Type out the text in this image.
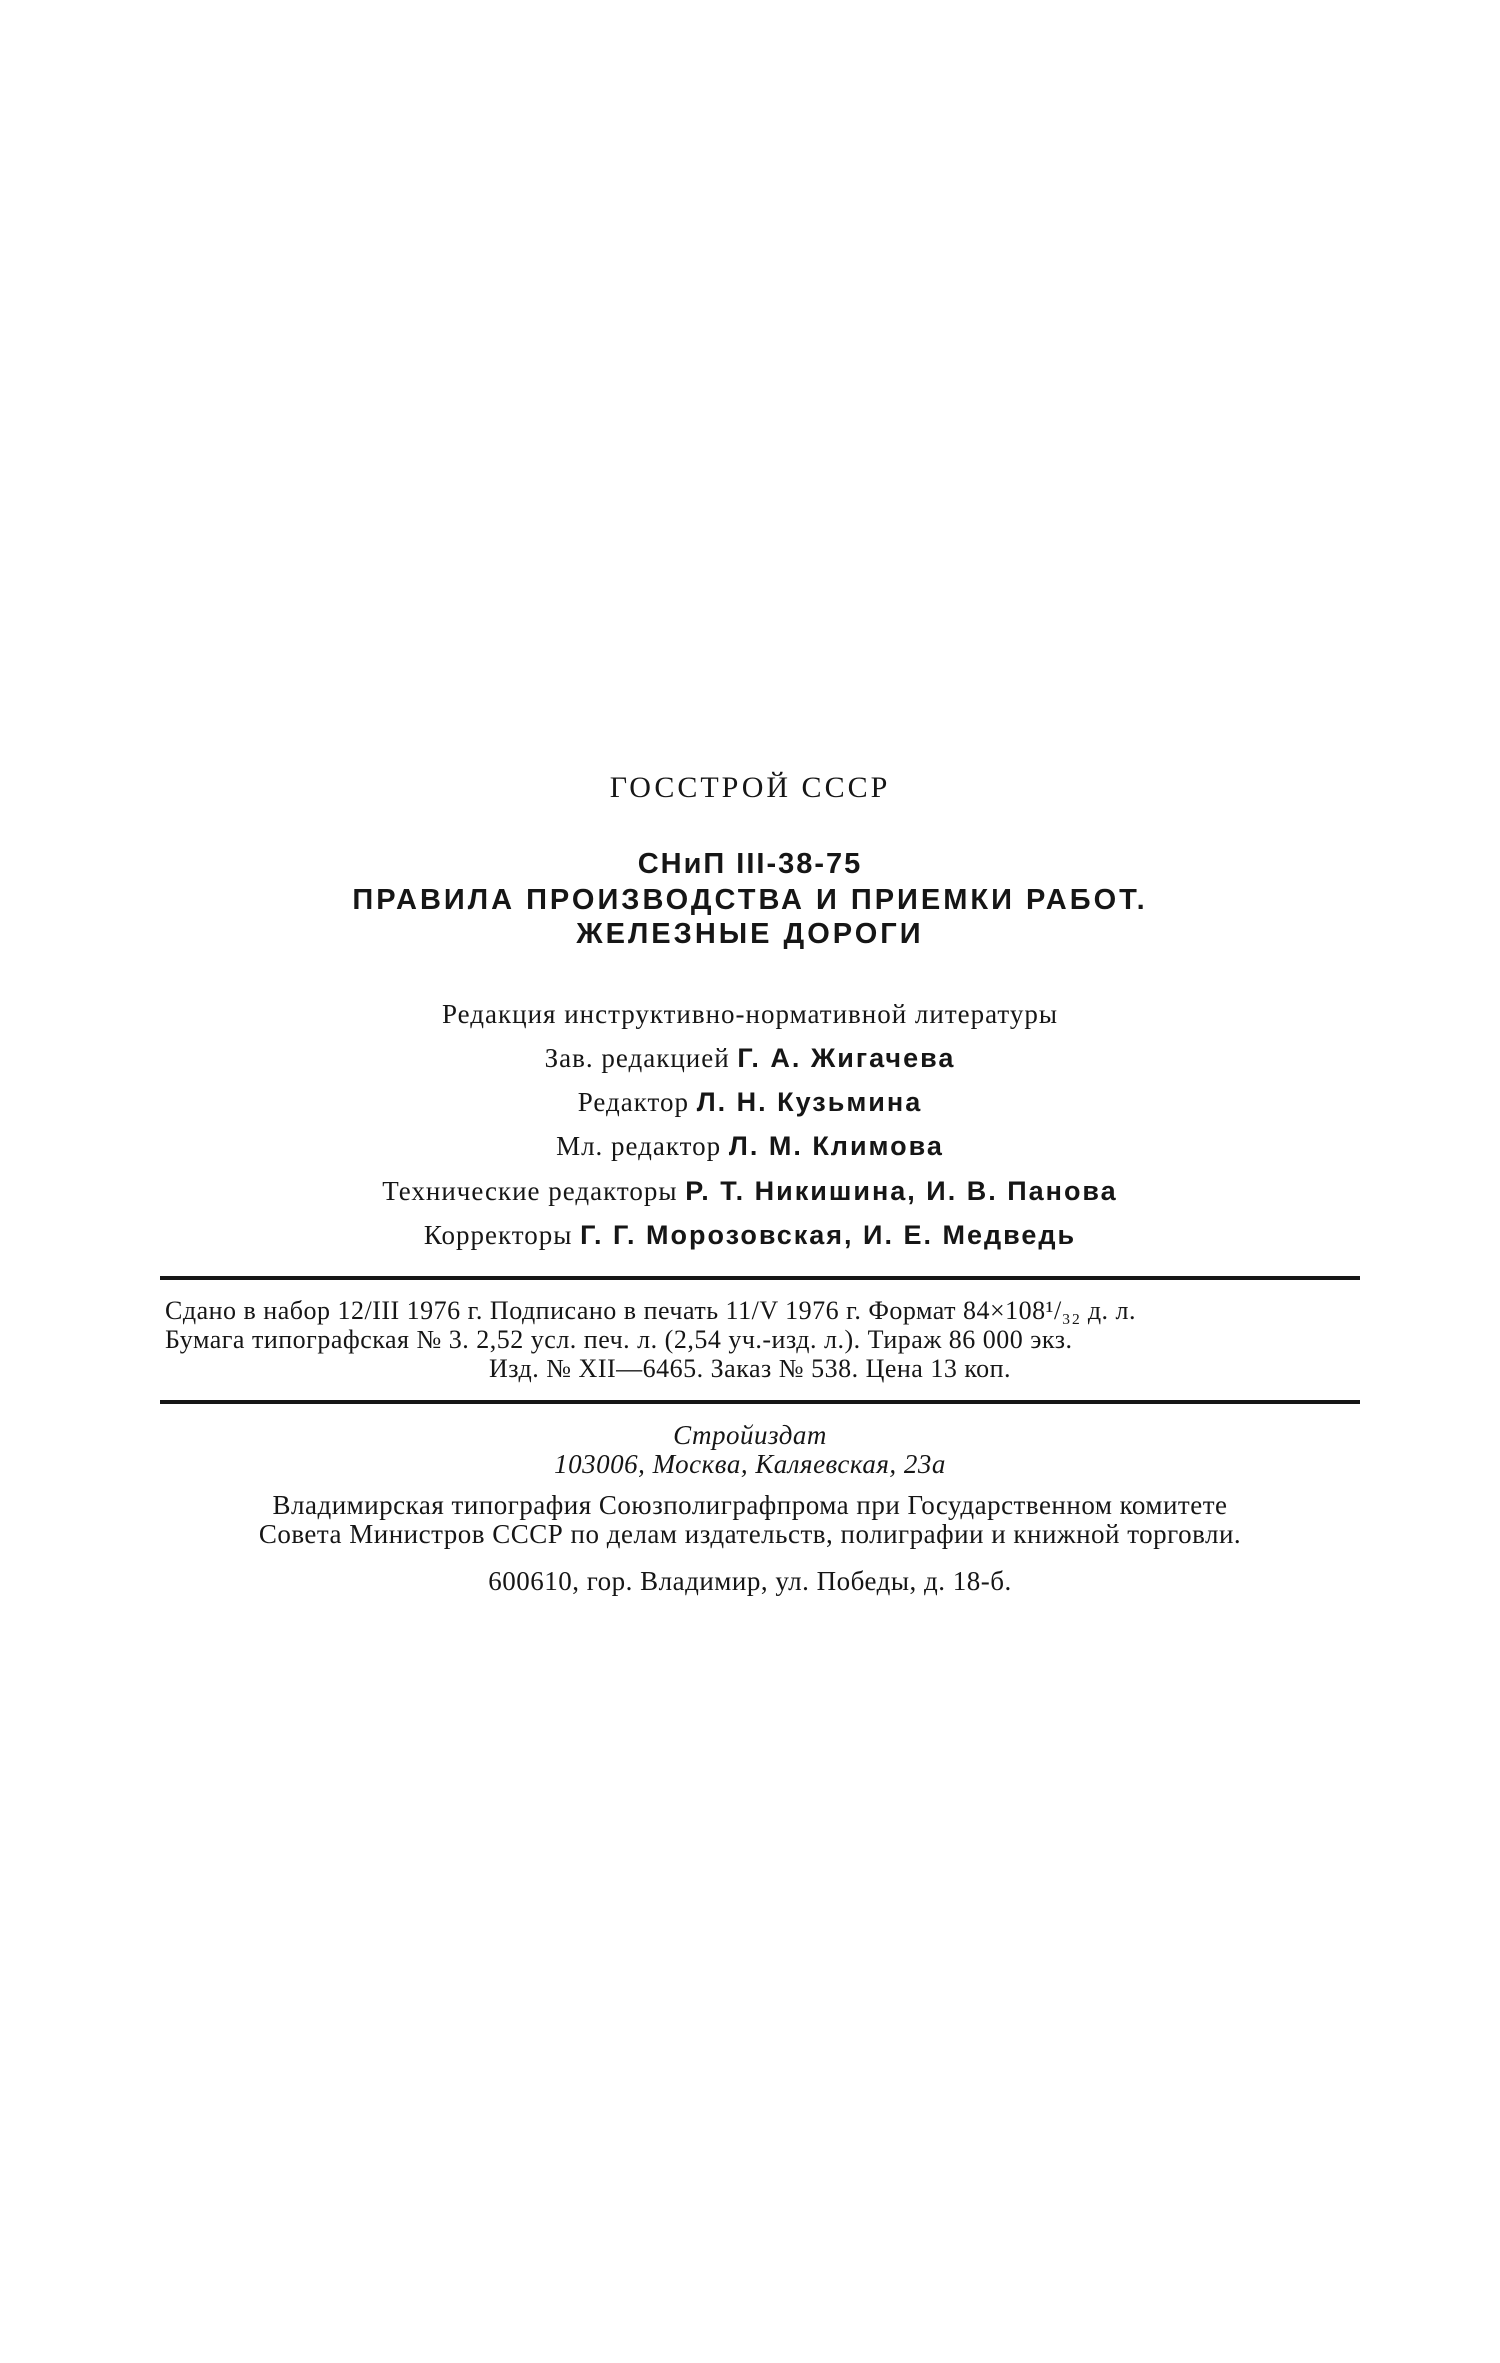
ГОССТРОЙ СССР
СНиП III-38-75
ПРАВИЛА ПРОИЗВОДСТВА И ПРИЕМКИ РАБОТ.
ЖЕЛЕЗНЫЕ ДОРОГИ
Редакция инструктивно-нормативной литературы
Зав. редакцией Г. А. Жигачева
Редактор Л. Н. Кузьмина
Мл. редактор Л. М. Климова
Технические редакторы Р. Т. Никишина, И. В. Панова
Корректоры Г. Г. Морозовская, И. Е. Медведь
Сдано в набор 12/III 1976 г. Подписано в печать 11/V 1976 г. Формат 84×108¹/₃₂ д. л.
Бумага типографская № 3. 2,52 усл. печ. л. (2,54 уч.-изд. л.). Тираж 86 000 экз.
Изд. № XII—6465. Заказ № 538. Цена 13 коп.
Стройиздат
103006, Москва, Каляевская, 23а
Владимирская типография Союзполиграфпрома при Государственном комитете
Совета Министров СССР по делам издательств, полиграфии и книжной торговли.
600610, гор. Владимир, ул. Победы, д. 18-б.
